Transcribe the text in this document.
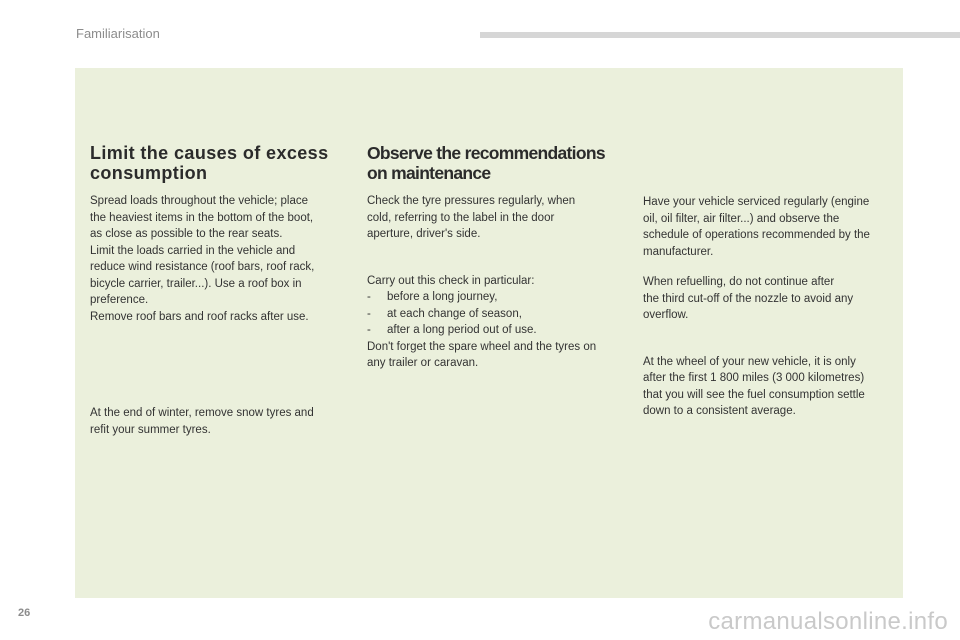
Familiarisation
Limit the causes of excess
consumption

Spread loads throughout the vehicle; place
the heaviest items in the bottom of the boot,
as close as possible to the rear seats.
Limit the loads carried in the vehicle and
reduce wind resistance (roof bars, roof rack,
bicycle carrier, trailer...). Use a roof box in
preference.
Remove roof bars and roof racks after use.

At the end of winter, remove snow tyres and
refit your summer tyres.

Observe the recommendations
on maintenance

Check the tyre pressures regularly, when
cold, referring to the label in the door
aperture, driver's side.

Carry out this check in particular:

- before a long journey,
- at each change of season,
- after a long period out of use.

Don't forget the spare wheel and the tyres on
any trailer or caravan.

Have your vehicle serviced regularly (engine
oil, oil filter, air filter...) and observe the
schedule of operations recommended by the
manufacturer.

When refuelling, do not continue after
the third cut-off of the nozzle to avoid any
overflow.

At the wheel of your new vehicle, it is only
after the first 1 800 miles (3 000 kilometres)
that you will see the fuel consumption settle
down to a consistent average.

26	carmanualsonline.info
